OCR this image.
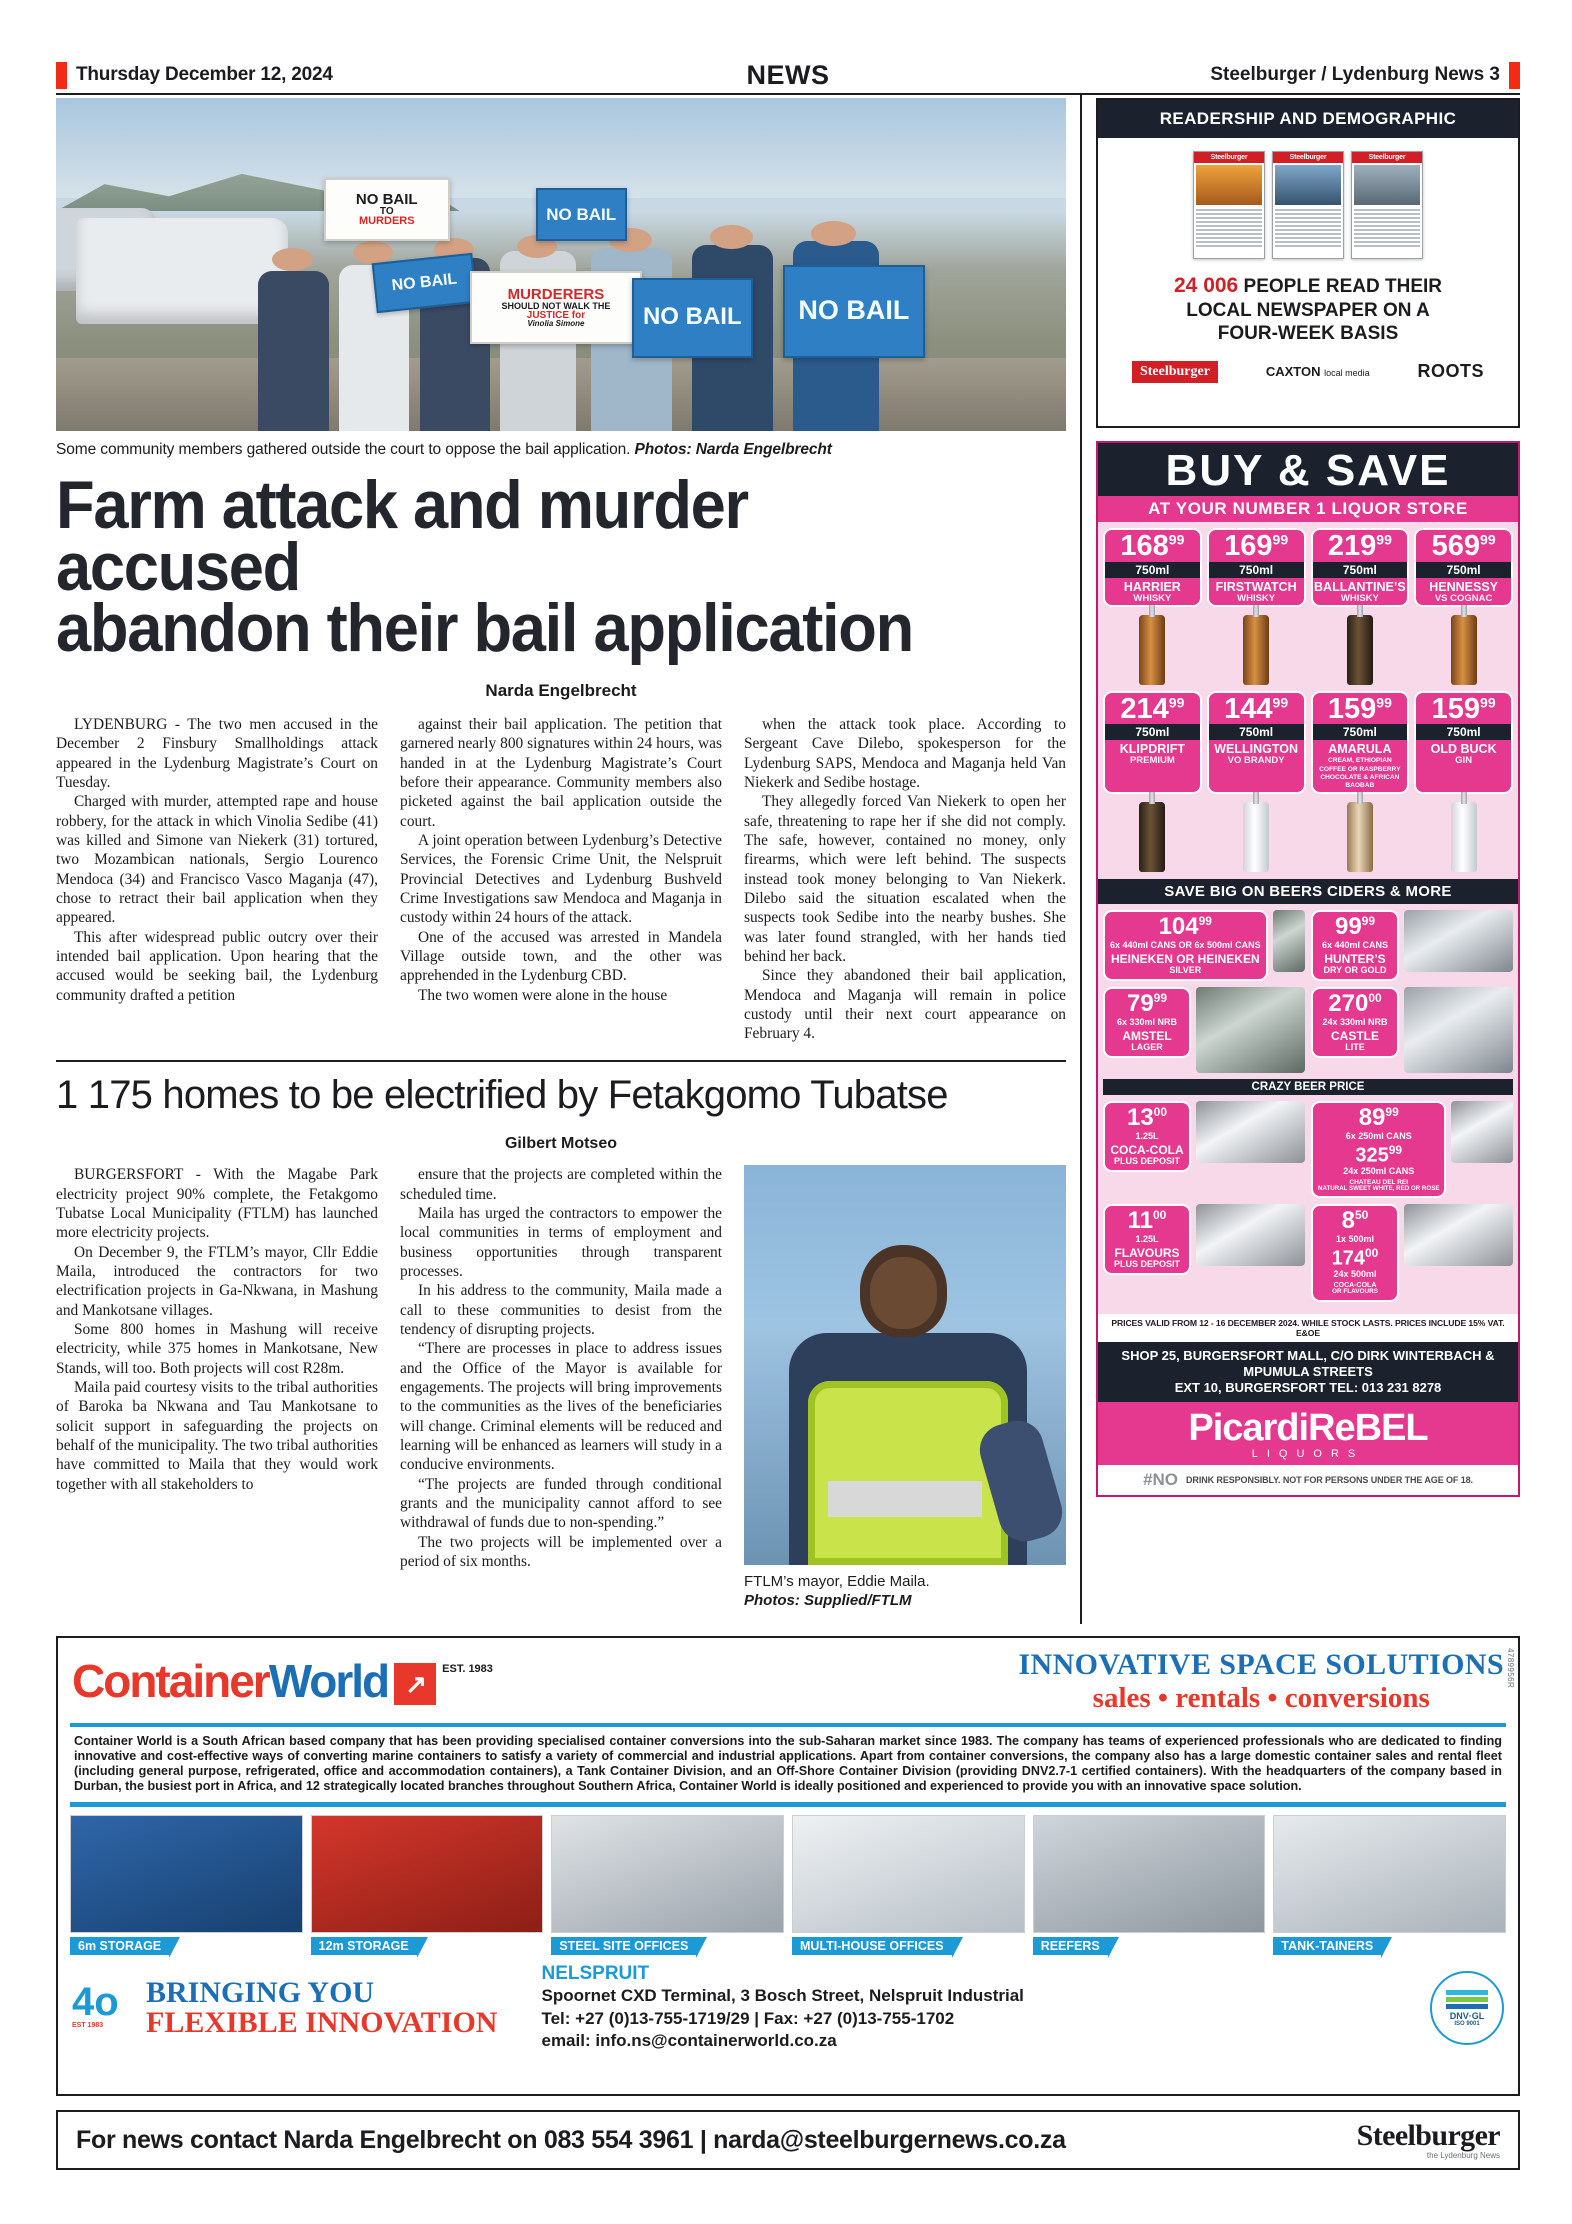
Thursday December 12, 2024	NEWS	Steelburger / Lydenburg News 3
NO BAIL
TO
MURDERS	NO BAIL
NO BAIL	MURDERERS
SHOULD NOT WALK THE
JUSTICE for
Vinolia Simone NO BAIL NO BAIL
Some community members gathered outside the court to oppose the bail application. Photos: Narda Engelbrecht
Farm attack and murder accused
abandon their bail application
Narda Engelbrecht

LYDENBURG - The two men accused in the December 2 Finsbury Smallholdings attack appeared in the Lydenburg Magistrate’s Court on Tuesday.

Charged with murder, attempted rape and house robbery, for the attack in which Vinolia Sedibe (41) was killed and Simone van Niekerk (31) tortured, two Mozambican nationals, Sergio Lourenco Mendoca (34) and Francisco Vasco Maganja (47), chose to retract their bail application when they appeared.

This after widespread public outcry over their intended bail application. Upon hearing that the accused would be seeking bail, the Lydenburg community drafted a petition

against their bail application. The petition that garnered nearly 800 signatures within 24 hours, was handed in at the Lydenburg Magistrate’s Court before their appearance. Community members also picketed against the bail application outside the court.

A joint operation between Lydenburg’s Detective Services, the Forensic Crime Unit, the Nelspruit Provincial Detectives and Lydenburg Bushveld Crime Investigations saw Mendoca and Maganja in custody within 24 hours of the attack.

One of the accused was arrested in Mandela Village outside town, and the other was apprehended in the Lydenburg CBD.

The two women were alone in the house

when the attack took place. According to Sergeant Cave Dilebo, spokesperson for the Lydenburg SAPS, Mendoca and Maganja held Van Niekerk and Sedibe hostage.

They allegedly forced Van Niekerk to open her safe, threatening to rape her if she did not comply. The safe, however, contained no money, only firearms, which were left behind. The suspects instead took money belonging to Van Niekerk. Dilebo said the situation escalated when the suspects took Sedibe into the nearby bushes. She was later found strangled, with her hands tied behind her back.

Since they abandoned their bail application, Mendoca and Maganja will remain in police custody until their next court appearance on February 4.

1 175 homes to be electrified by Fetakgomo Tubatse
Gilbert Motseo

BURGERSFORT - With the Magabe Park electricity project 90% complete, the Fetakgomo Tubatse Local Municipality (FTLM) has launched more electricity projects.

On December 9, the FTLM’s mayor, Cllr Eddie Maila, introduced the contractors for two electrification projects in Ga-Nkwana, in Mashung and Mankotsane villages.

Some 800 homes in Mashung will receive electricity, while 375 homes in Mankotsane, New Stands, will too. Both projects will cost R28m.

Maila paid courtesy visits to the tribal authorities of Baroka ba Nkwana and Tau Mankotsane to solicit support in safeguarding the projects on behalf of the municipality. The two tribal authorities have committed to Maila that they would work together with all stakeholders to

ensure that the projects are completed within the scheduled time.

Maila has urged the contractors to empower the local communities in terms of employment and business opportunities through transparent processes.

In his address to the community, Maila made a call to these communities to desist from the tendency of disrupting projects.

“There are processes in place to address issues and the Office of the Mayor is available for engagements. The projects will bring improvements to the communities as the lives of the beneficiaries will change. Criminal elements will be reduced and learning will be enhanced as learners will study in a conducive environments.

“The projects are funded through conditional grants and the municipality cannot afford to see withdrawal of funds due to non-spending.”

The two projects will be implemented over a period of six months.

FTLM’s mayor, Eddie Maila.
Photos: Supplied/FTLM
READERSHIP AND DEMOGRAPHIC
Steelburger	Steelburger	Steelburger
24 006 PEOPLE READ THEIR
LOCAL NEWSPAPER ON A
FOUR-WEEK BASIS
Steelburger	CAXTON local media	ROOTS
BUY & SAVE
AT YOUR NUMBER 1 LIQUOR STORE
$168^{99}$
750ml
HARRIER
WHISKY
$169^{99}$
750ml
FIRSTWATCH
WHISKY
$219^{99}$
750ml
BALLANTINE’S
WHISKY
$569^{99}$
750ml
HENNESSY
VS COGNAC
$214^{99}$
750ml
KLIPDRIFT
PREMIUM
$144^{99}$
750ml
WELLINGTON
VO BRANDY
$159^{99}$
750ml
AMARULA
CREAM, ETHIOPIAN COFFEE OR RASPBERRY CHOCOLATE & AFRICAN BAOBAB
$159^{99}$
750ml
OLD BUCK
GIN
SAVE BIG ON BEERS CIDERS & MORE
$104^{99}$
6x 440ml CANS OR 6x 500ml CANS
HEINEKEN OR HEINEKEN
SILVER
$99^{99}$
6x 440ml CANS
HUNTER’S
DRY OR GOLD
$79^{99}$
6x 330ml NRB
AMSTEL
LAGER
$270^{00}$
24x 330ml NRB
CASTLE
LITE
CRAZY BEER PRICE
$13^{00}$
1.25L
COCA-COLA
PLUS DEPOSIT
$89^{99}$
6x 250ml CANS
$325^{99}$
24x 250ml CANS
CHATEAU DEL REI
NATURAL SWEET WHITE, RED OR ROSE
$11^{00}$
1.25L
FLAVOURS
PLUS DEPOSIT
$8^{50}$
1x 500ml
$174^{00}$
24x 500ml
COCA-COLA
OR FLAVOURS
PRICES VALID FROM 12 - 16 DECEMBER 2024. WHILE STOCK LASTS. PRICES INCLUDE 15% VAT. E&OE
SHOP 25, BURGERSFORT MALL, C/O DIRK WINTERBACH & MPUMULA STREETS
EXT 10, BURGERSFORT TEL: 013 231 8278
PicardiReBEL
LIQUORS
#NO DRINK RESPONSIBLY. NOT FOR PERSONS UNDER THE AGE OF 18.
4789956R
ContainerWorld ↗
EST. 1983	INNOVATIVE SPACE SOLUTIONS
sales • rentals • conversions
Container World is a South African based company that has been providing specialised container conversions into the sub-Saharan market since 1983. The company has teams of experienced professionals who are dedicated to finding innovative and cost-effective ways of converting marine containers to satisfy a variety of commercial and industrial applications. Apart from container conversions, the company also has a large domestic container sales and rental fleet (including general purpose, refrigerated, office and accommodation containers), a Tank Container Division, and an Off-Shore Container Division (providing DNV2.7-1 certified containers). With the headquarters of the company based in Durban, the busiest port in Africa, and 12 strategically located branches throughout Southern Africa, Container World is ideally positioned and experienced to provide you with an innovative space solution.
6m STORAGE	12m STORAGE	STEEL SITE OFFICES	MULTI-HOUSE OFFICES	REEFERS	TANK-TAINERS
4o
EST 1983
BRINGING YOU
FLEXIBLE INNOVATION
NELSPRUIT
Spoornet CXD Terminal, 3 Bosch Street, Nelspruit Industrial
Tel: +27 (0)13-755-1719/29 | Fax: +27 (0)13-755-1702
email: info.ns@containerworld.co.za
DNV·GL
ISO 9001
For news contact Narda Engelbrecht on 083 554 3961 | narda@steelburgernews.co.za	Steelburger
the Lydenburg News
